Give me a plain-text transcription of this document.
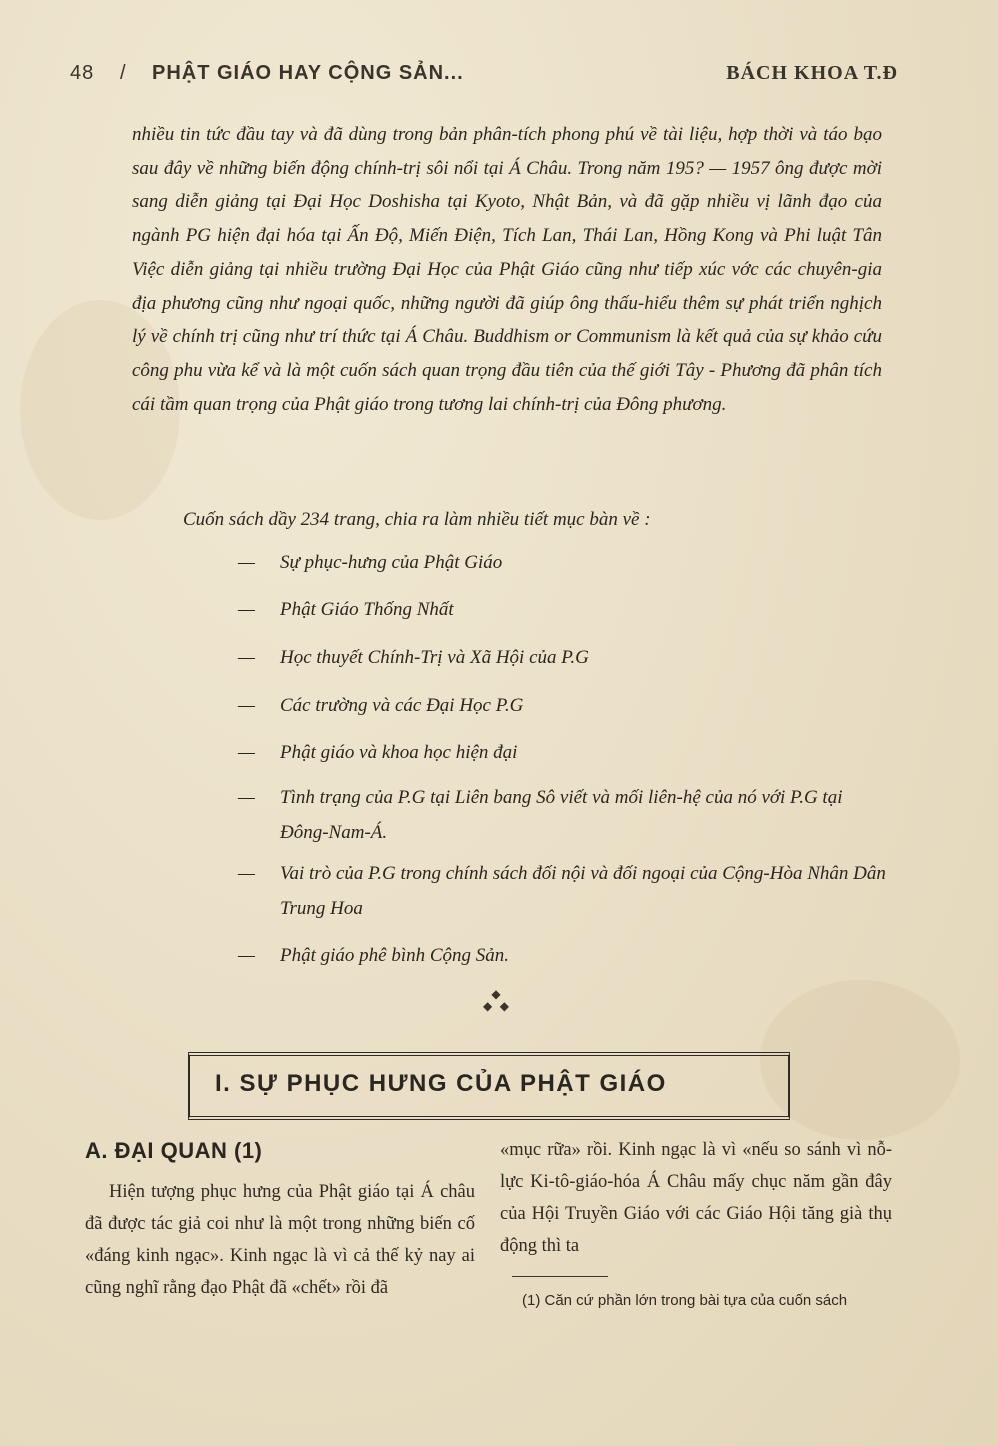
48 / PHẬT GIÁO HAY CỘNG SẢN...	BÁCH KHOA T.Đ

nhiều tin tức đầu tay và đã dùng trong bản phân-tích phong phú về tài liệu, hợp thời và táo bạo sau đây về những biến động chính-trị sôi nổi tại Á Châu. Trong năm 195? — 1957 ông được mời sang diễn giảng tại Đại Học Doshisha tại Kyoto, Nhật Bản, và đã gặp nhiều vị lãnh đạo của ngành PG hiện đại hóa tại Ấn Độ, Miến Điện, Tích Lan, Thái Lan, Hồng Kong và Phi luật Tân Việc diễn giảng tại nhiều trường Đại Học của Phật Giáo cũng như tiếp xúc vớc các chuyên-gia địa phương cũng như ngoại quốc, những người đã giúp ông thấu-hiểu thêm sự phát triển nghịch lý về chính trị cũng như trí thức tại Á Châu. Buddhism or Communism là kết quả của sự khảo cứu công phu vừa kể và là một cuốn sách quan trọng đầu tiên của thế giới Tây - Phương đã phân tích cái tầm quan trọng của Phật giáo trong tương lai chính-trị của Đông phương.

Cuốn sách dầy 234 trang, chia ra làm nhiều tiết mục bàn về :

— Sự phục-hưng của Phật Giáo
— Phật Giáo Thống Nhất
— Học thuyết Chính-Trị và Xã Hội của P.G
— Các trường và các Đại Học P.G
— Phật giáo và khoa học hiện đại
— Tình trạng của P.G tại Liên bang Sô viết và mối liên-hệ của nó với P.G tại Đông-Nam-Á.
— Vai trò của P.G trong chính sách đối nội và đối ngoại của Cộng-Hòa Nhân Dân Trung Hoa
— Phật giáo phê bình Cộng Sản.
◆
◆  ◆
I. SỰ PHỤC HƯNG CỦA PHẬT GIÁO
A. ĐẠI QUAN (1)

Hiện tượng phục hưng của Phật giáo tại Á châu đã được tác giả coi như là một trong những biến cố «đáng kinh ngạc». Kinh ngạc là vì cả thế kỷ nay ai cũng nghĩ rằng đạo Phật đã «chết» rồi đã

«mục rữa» rồi. Kinh ngạc là vì «nếu so sánh vì nỗ-lực Ki-tô-giáo-hóa Á Châu mấy chục năm gần đây của Hội Truyền Giáo với các Giáo Hội tăng già thụ động thì ta

(1) Căn cứ phần lớn trong bài tựa của cuốn sách
